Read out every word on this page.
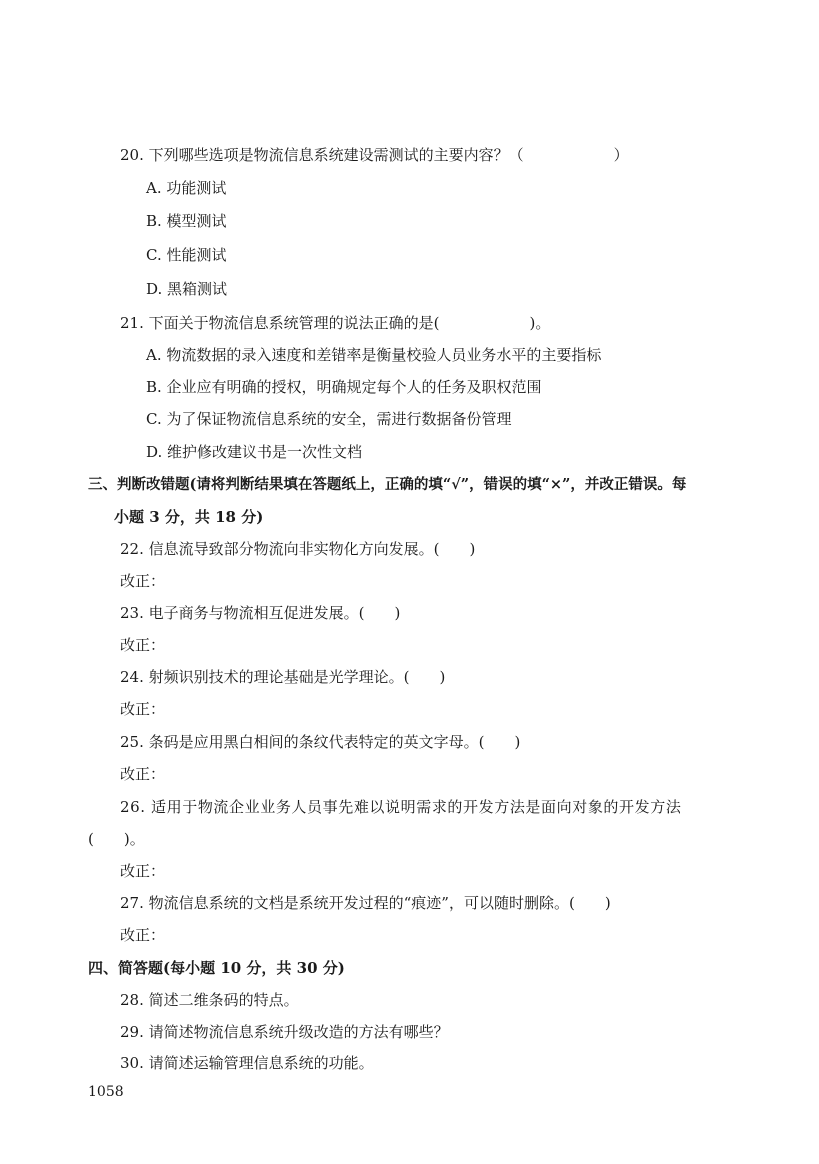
20. 下列哪些选项是物流信息系统建设需测试的主要内容？（　　　　　　）
A. 功能测试
B. 模型测试
C. 性能测试
D. 黑箱测试
21. 下面关于物流信息系统管理的说法正确的是(　　　　　　)。
A. 物流数据的录入速度和差错率是衡量校验人员业务水平的主要指标
B. 企业应有明确的授权，明确规定每个人的任务及职权范围
C. 为了保证物流信息系统的安全，需进行数据备份管理
D. 维护修改建议书是一次性文档
三、判断改错题(请将判断结果填在答题纸上，正确的填“√”，错误的填“×”，并改正错误。每
小题 3 分，共 18 分)
22. 信息流导致部分物流向非实物化方向发展。(　　)
改正：
23. 电子商务与物流相互促进发展。(　　)
改正：
24. 射频识别技术的理论基础是光学理论。(　　)
改正：
25. 条码是应用黑白相间的条纹代表特定的英文字母。(　　)
改正：
26. 适用于物流企业业务人员事先难以说明需求的开发方法是面向对象的开发方法
(　　)。
改正：
27. 物流信息系统的文档是系统开发过程的“痕迹”，可以随时删除。(　　)
改正：
四、简答题(每小题 10 分，共 30 分)
28. 简述二维条码的特点。
29. 请简述物流信息系统升级改造的方法有哪些？
30. 请简述运输管理信息系统的功能。
1058
